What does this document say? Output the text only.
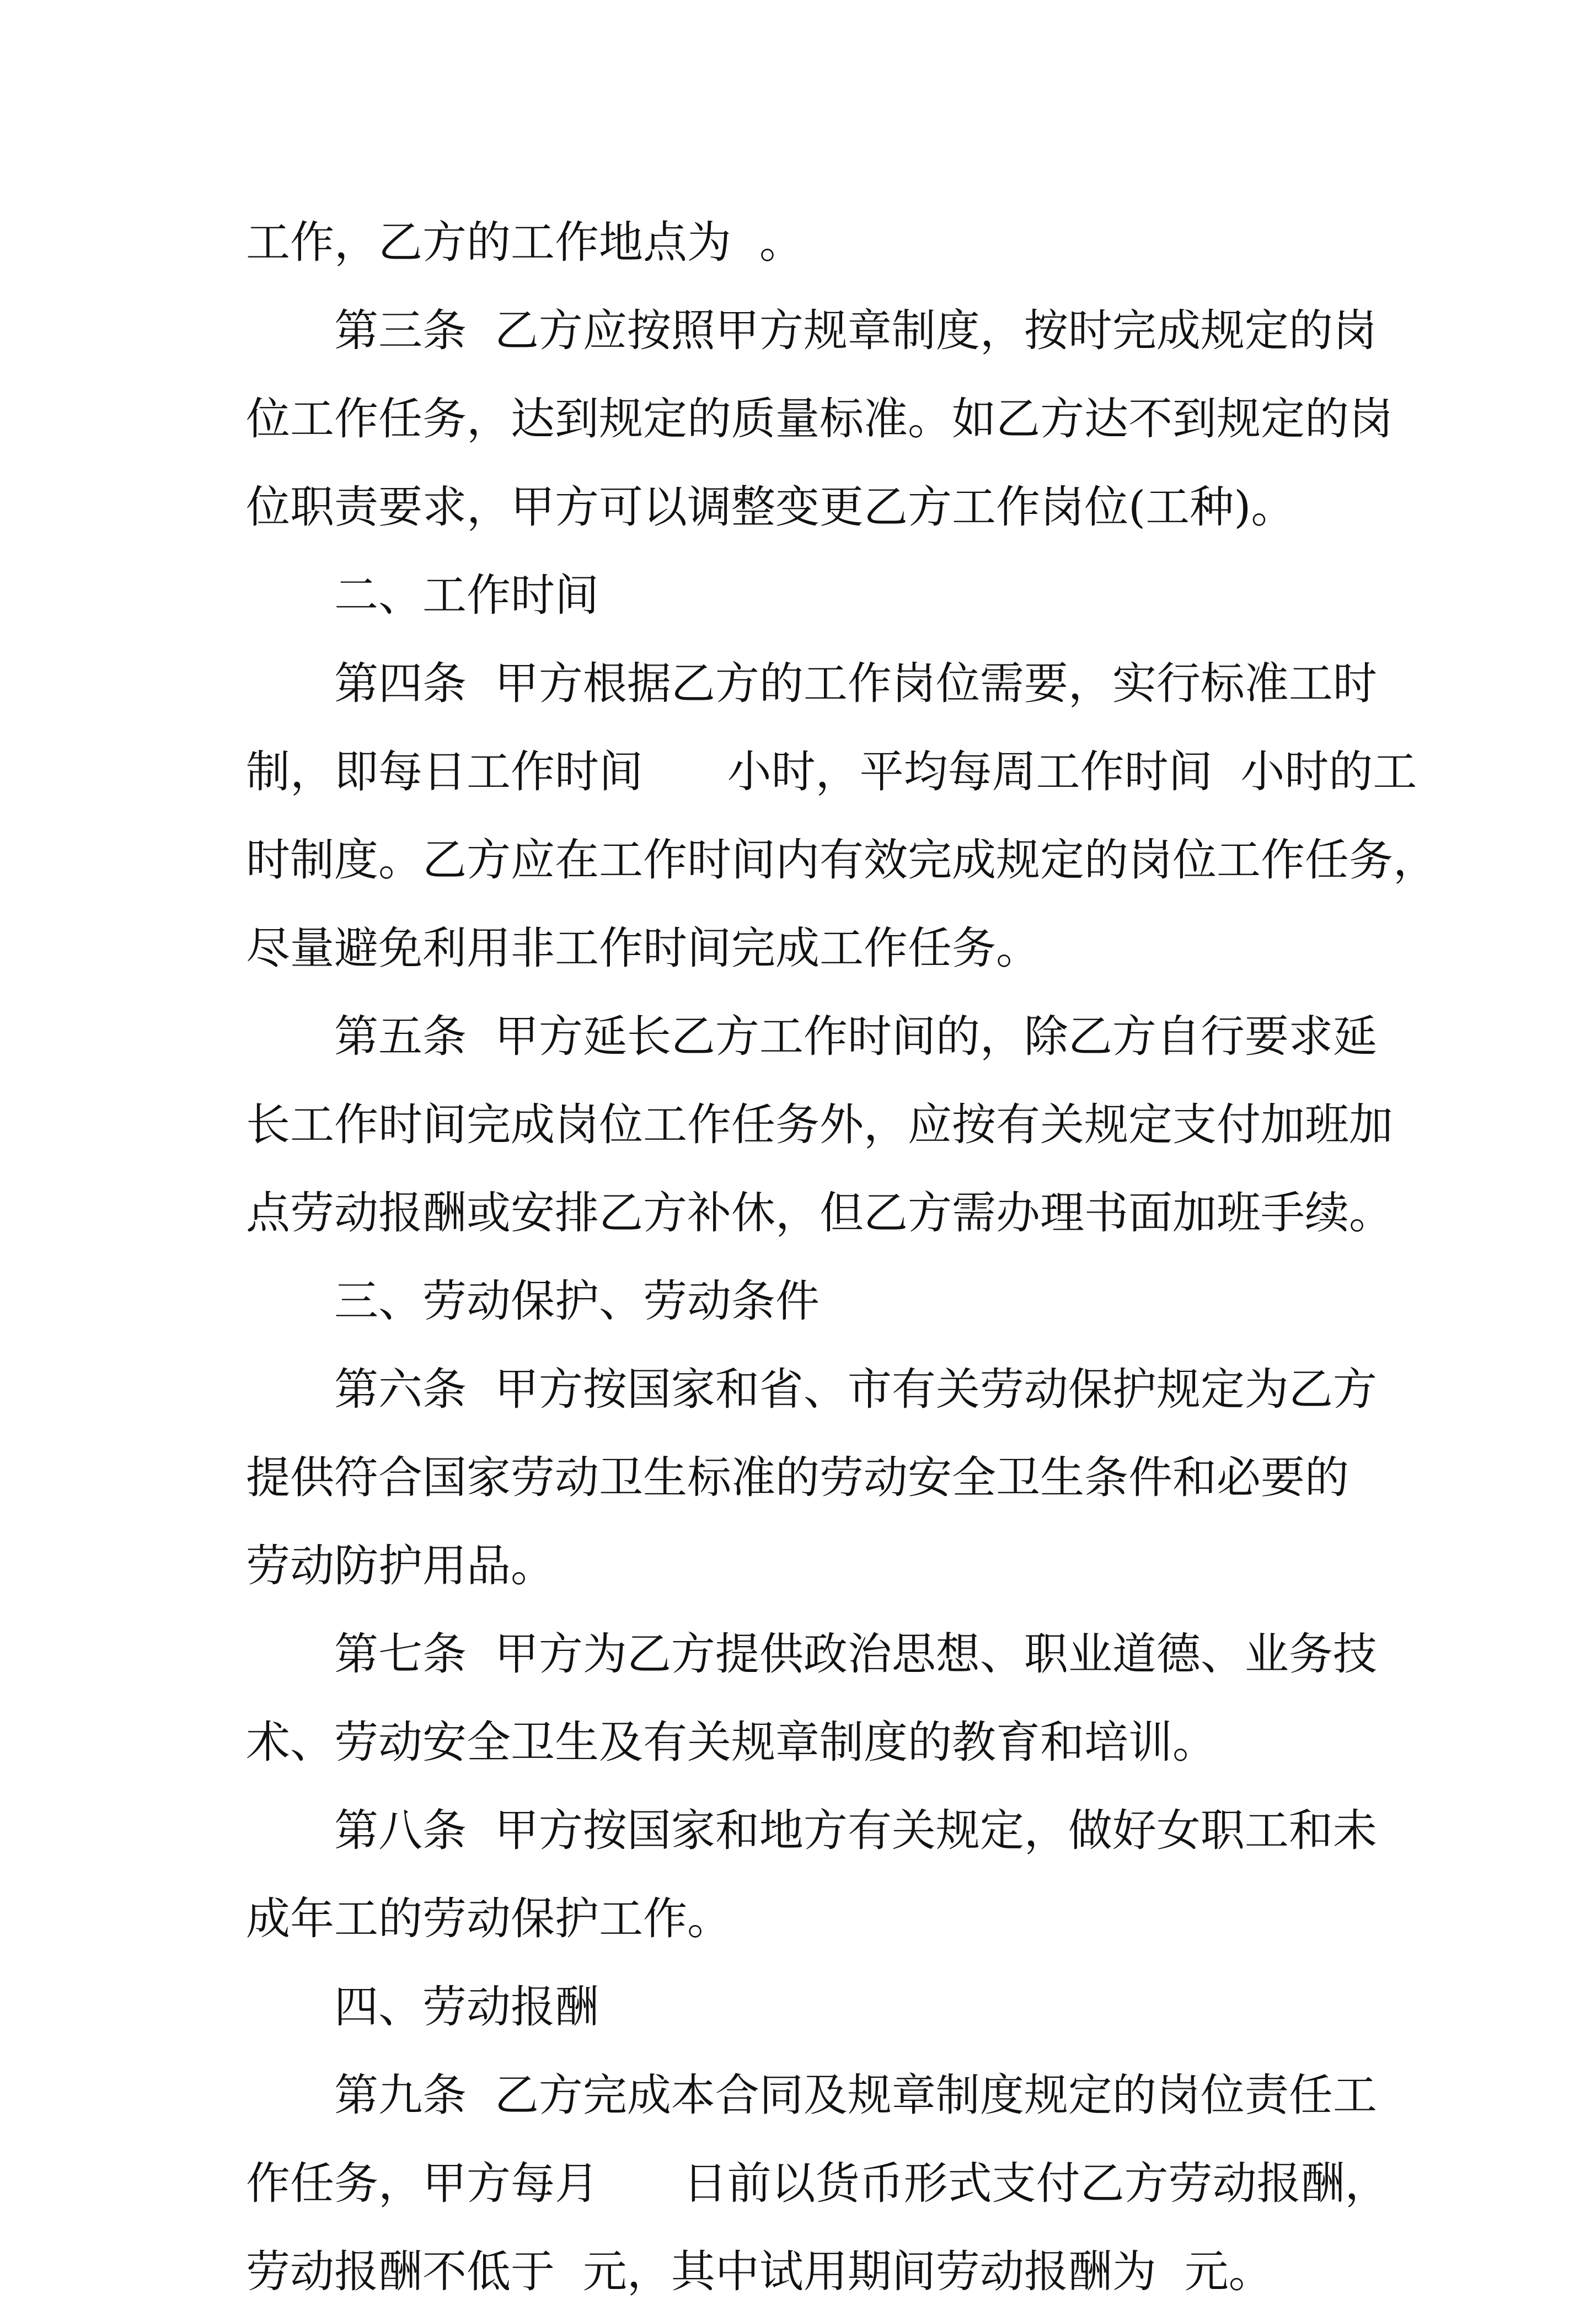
工作，乙方的工作地点为  。
第三条  乙方应按照甲方规章制度，按时完成规定的岗
位工作任务，达到规定的质量标准。如乙方达不到规定的岗
位职责要求，甲方可以调整变更乙方工作岗位(工种)。
二、工作时间
第四条  甲方根据乙方的工作岗位需要，实行标准工时
制，即每日工作时间      小时，平均每周工作时间  小时的工
时制度。乙方应在工作时间内有效完成规定的岗位工作任务，
尽量避免利用非工作时间完成工作任务。
第五条  甲方延长乙方工作时间的，除乙方自行要求延
长工作时间完成岗位工作任务外，应按有关规定支付加班加
点劳动报酬或安排乙方补休，但乙方需办理书面加班手续。
三、劳动保护、劳动条件
第六条  甲方按国家和省、市有关劳动保护规定为乙方
提供符合国家劳动卫生标准的劳动安全卫生条件和必要的
劳动防护用品。
第七条  甲方为乙方提供政治思想、职业道德、业务技
术、劳动安全卫生及有关规章制度的教育和培训。
第八条  甲方按国家和地方有关规定，做好女职工和未
成年工的劳动保护工作。
四、劳动报酬
第九条  乙方完成本合同及规章制度规定的岗位责任工
作任务，甲方每月      日前以货币形式支付乙方劳动报酬，
劳动报酬不低于  元，其中试用期间劳动报酬为  元。
